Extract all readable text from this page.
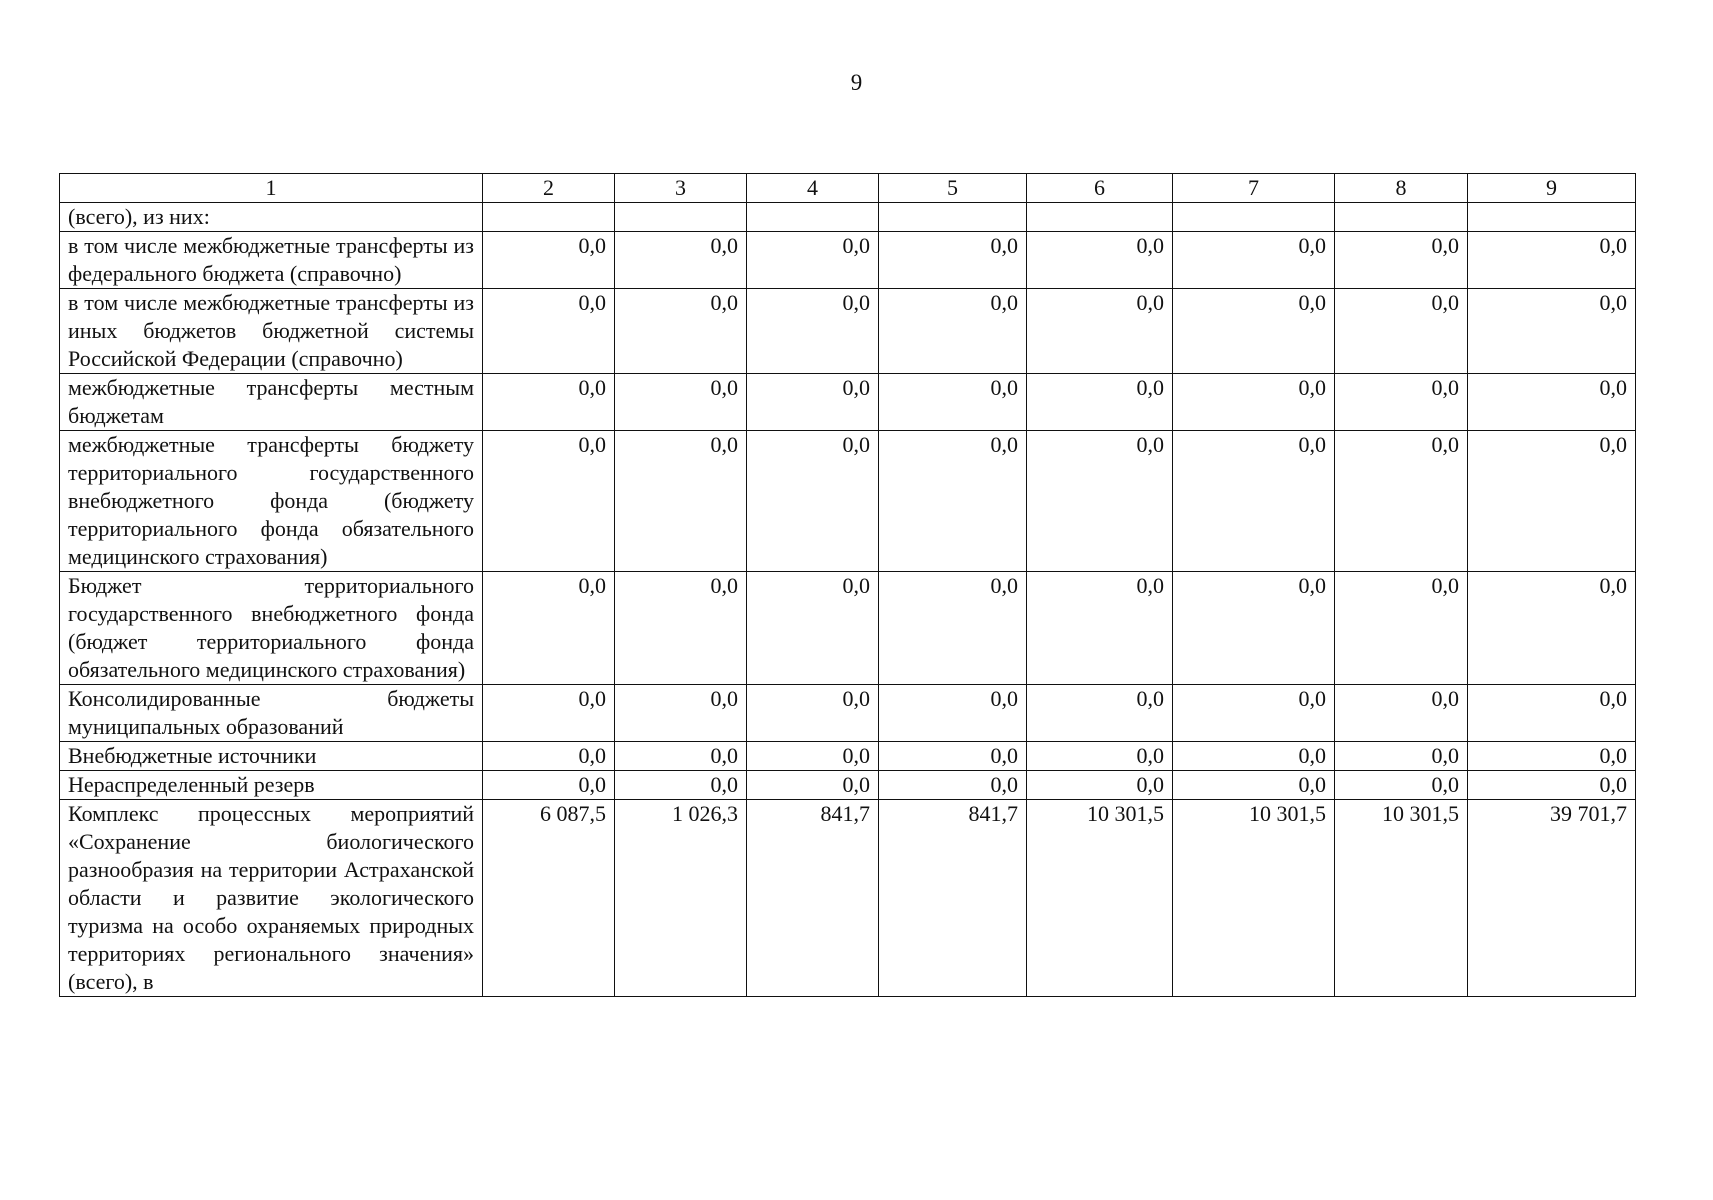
9
1	2	3	4	5	6	7	8	9
(всего), из них:								
в том числе межбюджетные трансферты из федерального бюджета (справочно)	0,0	0,0	0,0	0,0	0,0	0,0	0,0	0,0
в том числе межбюджетные трансферты из иных бюджетов бюджетной системы Российской Федерации (справочно)	0,0	0,0	0,0	0,0	0,0	0,0	0,0	0,0
межбюджетные трансферты местным бюджетам	0,0	0,0	0,0	0,0	0,0	0,0	0,0	0,0
межбюджетные трансферты бюджету территориального государственного внебюджетного фонда (бюджету территориального фонда обязательного медицинского страхования)	0,0	0,0	0,0	0,0	0,0	0,0	0,0	0,0
Бюджет территориального государственного внебюджетного фонда (бюджет территориального фонда обязательного медицинского страхования)	0,0	0,0	0,0	0,0	0,0	0,0	0,0	0,0
Консолидированные бюджеты муниципальных образований	0,0	0,0	0,0	0,0	0,0	0,0	0,0	0,0
Внебюджетные источники	0,0	0,0	0,0	0,0	0,0	0,0	0,0	0,0
Нераспределенный резерв	0,0	0,0	0,0	0,0	0,0	0,0	0,0	0,0
Комплекс процессных мероприятий «Сохранение биологического разнообразия на территории Астраханской области и развитие экологического туризма на особо охраняемых природных территориях регионального значения» (всего), в	6 087,5	1 026,3	841,7	841,7	10 301,5	10 301,5	10 301,5	39 701,7
